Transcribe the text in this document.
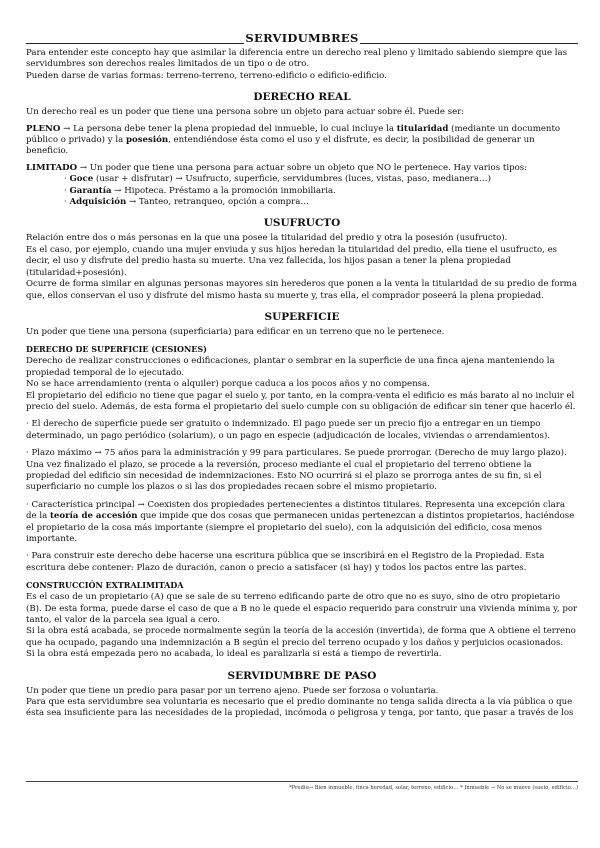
SERVIDUMBRES

Para entender este concepto hay que asimilar la diferencia entre un derecho real pleno y limitado sabiendo siempre que las servidumbres son derechos reales limitados de un tipo o de otro.

Pueden darse de varias formas: terreno-terreno, terreno-edificio o edificio-edificio.

DERECHO REAL

Un derecho real es un poder que tiene una persona sobre un objeto para actuar sobre él. Puede ser:

PLENO → La persona debe tener la plena propiedad del inmueble, lo cual incluye la titularidad (mediante un documento público o privado) y la posesión, entendiéndose ésta como el uso y el disfrute, es decir, la posibilidad de generar un beneficio.

LIMITADO → Un poder que tiene una persona para actuar sobre un objeto que NO le pertenece. Hay varios tipos:

· Goce (usar + disfrutar) → Usufructo, superficie, servidumbres (luces, vistas, paso, medianera…)

· Garantía → Hipoteca. Préstamo a la promoción inmobiliaria.

· Adquisición → Tanteo, retranqueo, opción a compra…

USUFRUCTO

Relación entre dos o más personas en la que una posee la titularidad del predio y otra la posesión (usufructo).

Es el caso, por ejemplo, cuando una mujer enviuda y sus hijos heredan la titularidad del predio, ella tiene el usufructo, es decir, el uso y disfrute del predio hasta su muerte. Una vez fallecida, los hijos pasan a tener la plena propiedad (titularidad+posesión).

Ocurre de forma similar en algunas personas mayores sin herederos que ponen a la venta la titularidad de su predio de forma que, ellos conservan el uso y disfrute del mismo hasta su muerte y, tras ella, el comprador poseerá la plena propiedad.

SUPERFICIE

Un poder que tiene una persona (superficiaria) para edificar en un terreno que no le pertenece.

DERECHO DE SUPERFICIE (CESIONES)

Derecho de realizar construcciones o edificaciones, plantar o sembrar en la superficie de una finca ajena manteniendo la propiedad temporal de lo ejecutado.

No se hace arrendamiento (renta o alquiler) porque caduca a los pocos años y no compensa.

El propietario del edificio no tiene que pagar el suelo y, por tanto, en la compra-venta el edificio es más barato al no incluir el precio del suelo. Además, de esta forma el propietario del suelo cumple con su obligación de edificar sin tener que hacerlo él.

· El derecho de superficie puede ser gratuito o indemnizado. El pago puede ser un precio fijo a entregar en un tiempo determinado, un pago periódico (solarium), o un pago en especie (adjudicación de locales, viviendas o arrendamientos).

· Plazo máximo → 75 años para la administración y 99 para particulares. Se puede prorrogar. (Derecho de muy largo plazo). Una vez finalizado el plazo, se procede a la reversión, proceso mediante el cual el propietario del terreno obtiene la propiedad del edificio sin necesidad de indemnizaciones. Esto NO ocurrirá si el plazo se prorroga antes de su fin, si el superficiario no cumple los plazos o si las dos propiedades recaen sobre el mismo propietario.

· Característica principal → Coexisten dos propiedades pertenecientes a distintos titulares. Representa una excepción clara de la teoría de accesión que impide que dos cosas que permanecen unidas pertenezcan a distintos propietarios, haciéndose el propietario de la cosa más importante (siempre el propietario del suelo), con la adquisición del edificio, cosa menos importante.

· Para construir este derecho debe hacerse una escritura pública que se inscribirá en el Registro de la Propiedad. Esta escritura debe contener: Plazo de duración, canon o precio a satisfacer (si hay) y todos los pactos entre las partes.

CONSTRUCCIÓN EXTRALIMITADA

Es el caso de un propietario (A) que se sale de su terreno edificando parte de otro que no es suyo, sino de otro propietario (B). De esta forma, puede darse el caso de que a B no le quede el espacio requerido para construir una vivienda mínima y, por tanto, el valor de la parcela sea igual a cero.

Si la obra está acabada, se procede normalmente según la teoría de la accesión (invertida), de forma que A obtiene el terreno que ha ocupado, pagando una indemnización a B según el precio del terreno ocupado y los daños y perjuicios ocasionados.

Si la obra está empezada pero no acabada, lo ideal es paralizarla si está a tiempo de revertirla.

SERVIDUMBRE DE PASO

Un poder que tiene un predio para pasar por un terreno ajeno. Puede ser forzosa o voluntaria.

Para que esta servidumbre sea voluntaria es necesario que el predio dominante no tenga salida directa a la vía pública o que ésta sea insuficiente para las necesidades de la propiedad, incómoda o peligrosa y tenga, por tanto, que pasar a través de los

*Predio→ Bien inmueble, finca heredad, solar, terreno, edificio… * Inmueble → No se mueve (suelo, edificio…)
